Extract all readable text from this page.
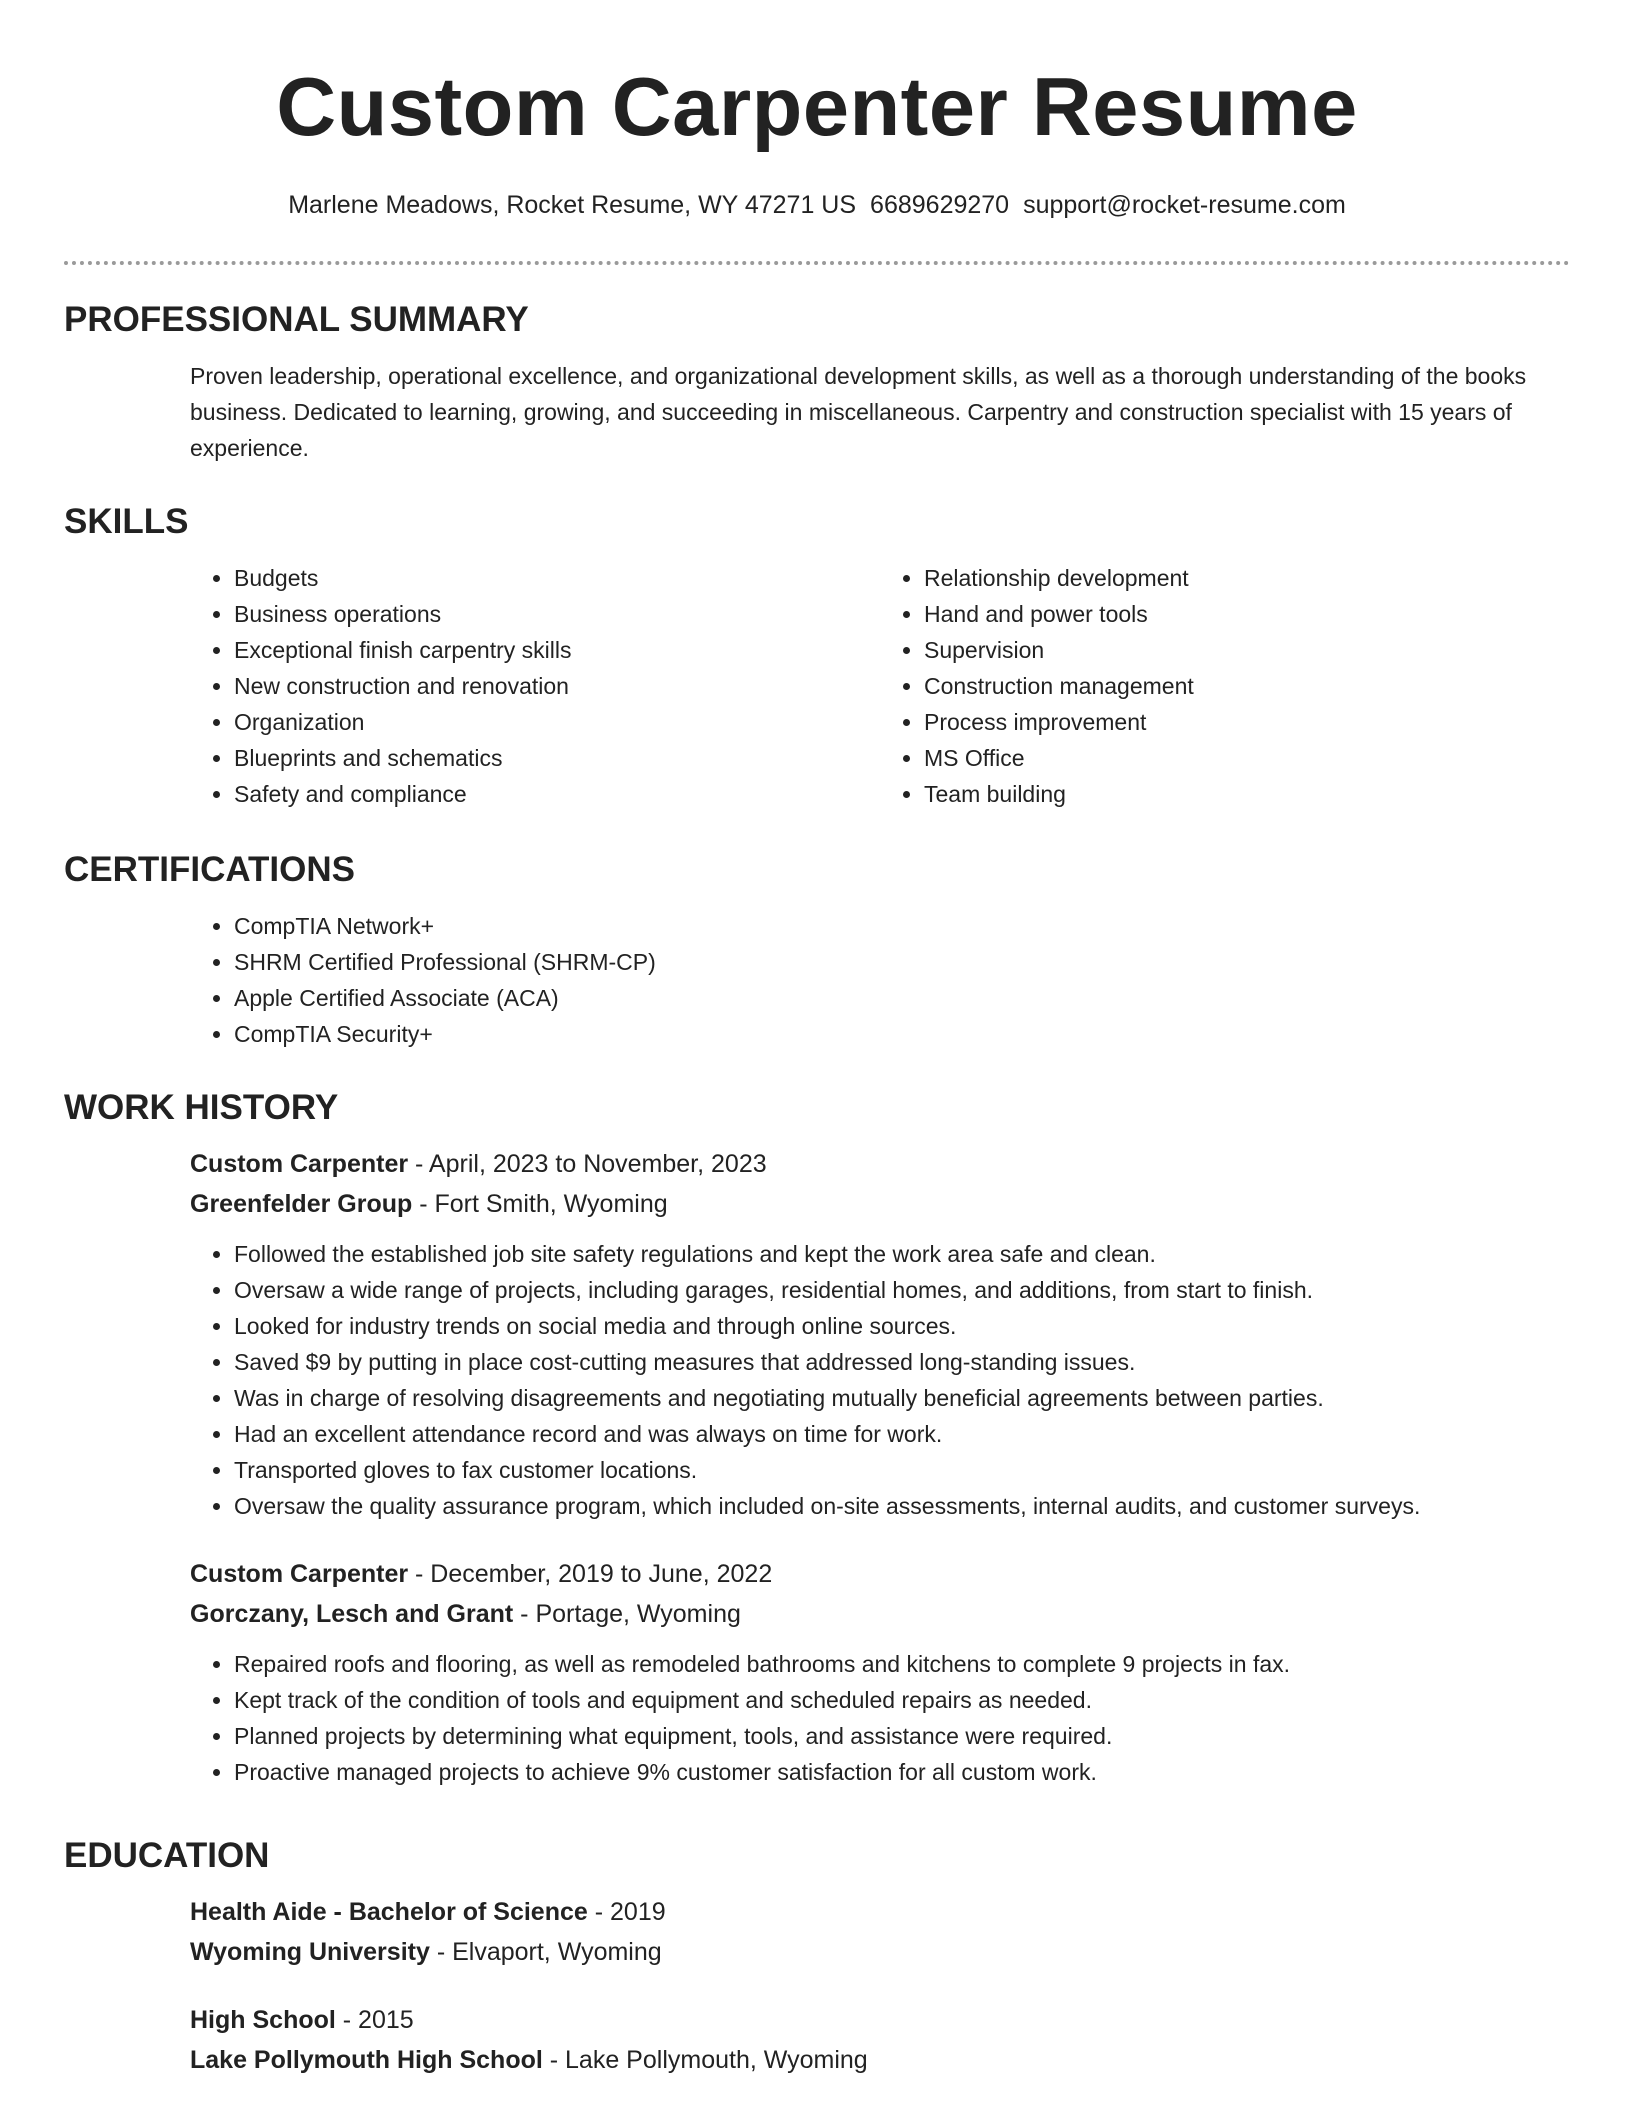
Custom Carpenter Resume
Marlene Meadows, Rocket Resume, WY 47271 US 6689629270 support@rocket-resume.com
PROFESSIONAL SUMMARY

Proven leadership, operational excellence, and organizational development skills, as well as a thorough understanding of the books business. Dedicated to learning, growing, and succeeding in miscellaneous. Carpentry and construction specialist with 15 years of experience.

SKILLS
• Budgets
• Business operations
• Exceptional finish carpentry skills
• New construction and renovation
• Organization
• Blueprints and schematics
• Safety and compliance
• Relationship development
• Hand and power tools
• Supervision
• Construction management
• Process improvement
• MS Office
• Team building
CERTIFICATIONS
• CompTIA Network+
• SHRM Certified Professional (SHRM-CP)
• Apple Certified Associate (ACA)
• CompTIA Security+
WORK HISTORY
Custom Carpenter - April, 2023 to November, 2023
Greenfelder Group - Fort Smith, Wyoming
• Followed the established job site safety regulations and kept the work area safe and clean.
• Oversaw a wide range of projects, including garages, residential homes, and additions, from start to finish.
• Looked for industry trends on social media and through online sources.
• Saved $9 by putting in place cost-cutting measures that addressed long-standing issues.
• Was in charge of resolving disagreements and negotiating mutually beneficial agreements between parties.
• Had an excellent attendance record and was always on time for work.
• Transported gloves to fax customer locations.
• Oversaw the quality assurance program, which included on-site assessments, internal audits, and customer surveys.
Custom Carpenter - December, 2019 to June, 2022
Gorczany, Lesch and Grant - Portage, Wyoming
• Repaired roofs and flooring, as well as remodeled bathrooms and kitchens to complete 9 projects in fax.
• Kept track of the condition of tools and equipment and scheduled repairs as needed.
• Planned projects by determining what equipment, tools, and assistance were required.
• Proactive managed projects to achieve 9% customer satisfaction for all custom work.
EDUCATION
Health Aide - Bachelor of Science - 2019
Wyoming University - Elvaport, Wyoming
High School - 2015
Lake Pollymouth High School - Lake Pollymouth, Wyoming
